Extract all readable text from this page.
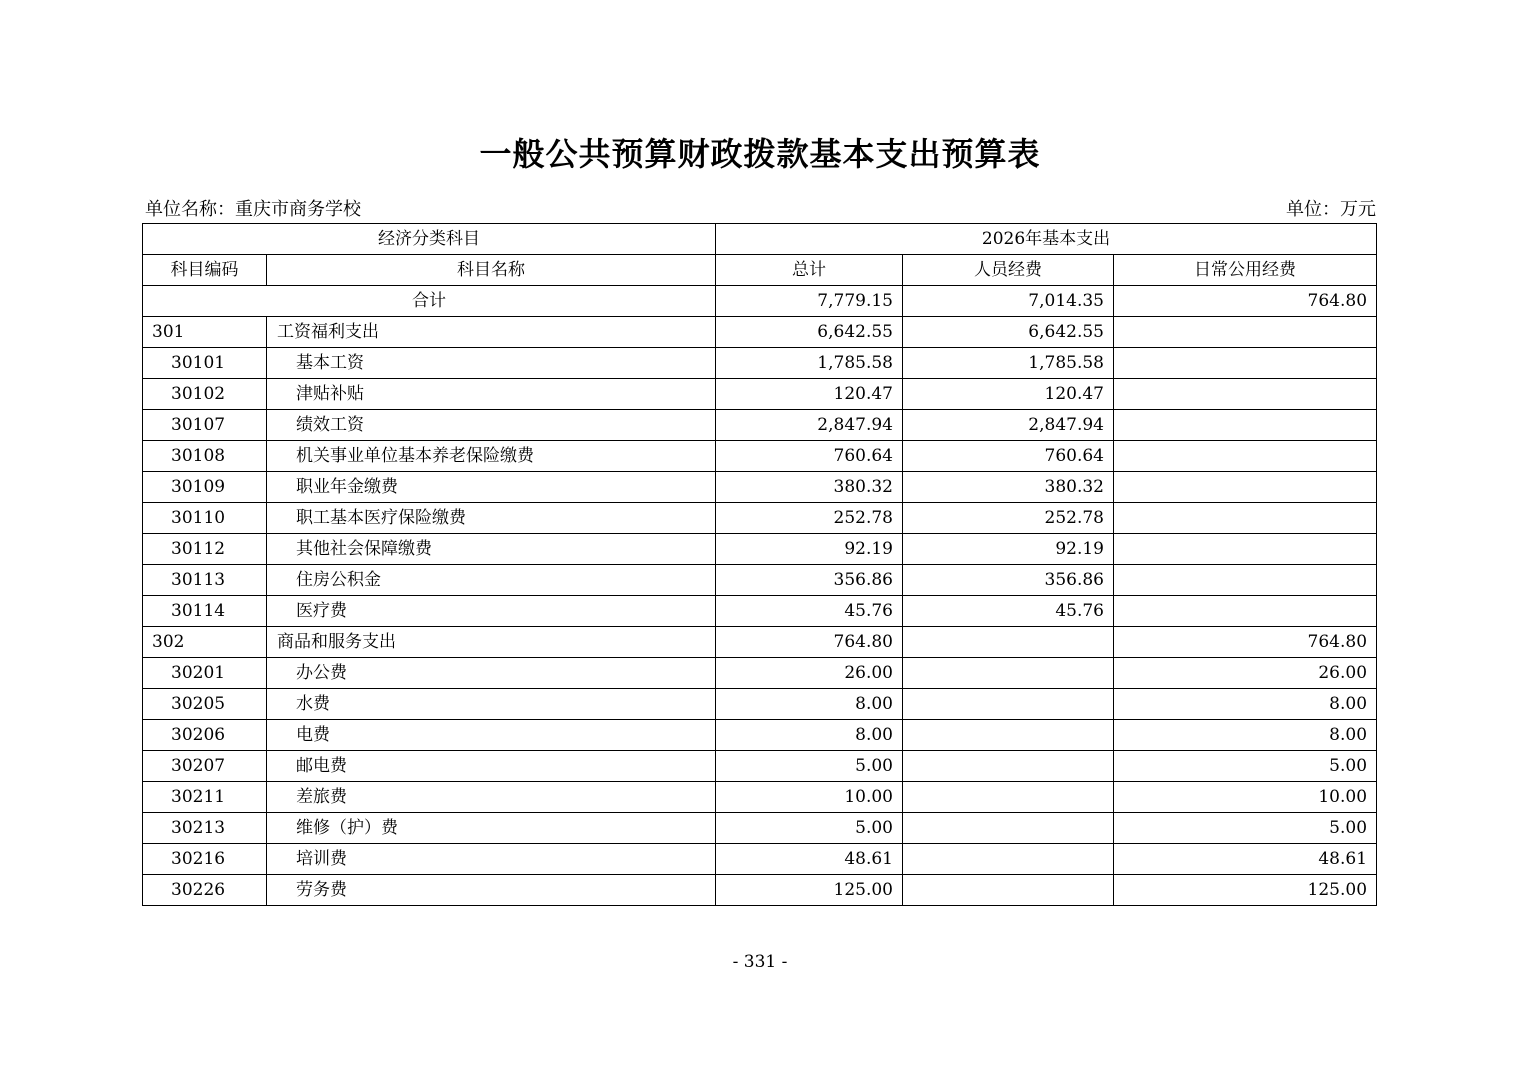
一般公共预算财政拨款基本支出预算表
单位名称：重庆市商务学校	单位：万元
经济分类科目		2026年基本支出		
科目编码	科目名称	总计	人员经费	日常公用经费
合计		7,779.15	7,014.35	764.80
301	工资福利支出	6,642.55	6,642.55	
30101	基本工资	1,785.58	1,785.58	
30102	津贴补贴	120.47	120.47	
30107	绩效工资	2,847.94	2,847.94	
30108	机关事业单位基本养老保险缴费	760.64	760.64	
30109	职业年金缴费	380.32	380.32	
30110	职工基本医疗保险缴费	252.78	252.78	
30112	其他社会保障缴费	92.19	92.19	
30113	住房公积金	356.86	356.86	
30114	医疗费	45.76	45.76	
302	商品和服务支出	764.80		764.80
30201	办公费	26.00		26.00
30205	水费	8.00		8.00
30206	电费	8.00		8.00
30207	邮电费	5.00		5.00
30211	差旅费	10.00		10.00
30213	维修（护）费	5.00		5.00
30216	培训费	48.61		48.61
30226	劳务费	125.00		125.00
- 331 -
